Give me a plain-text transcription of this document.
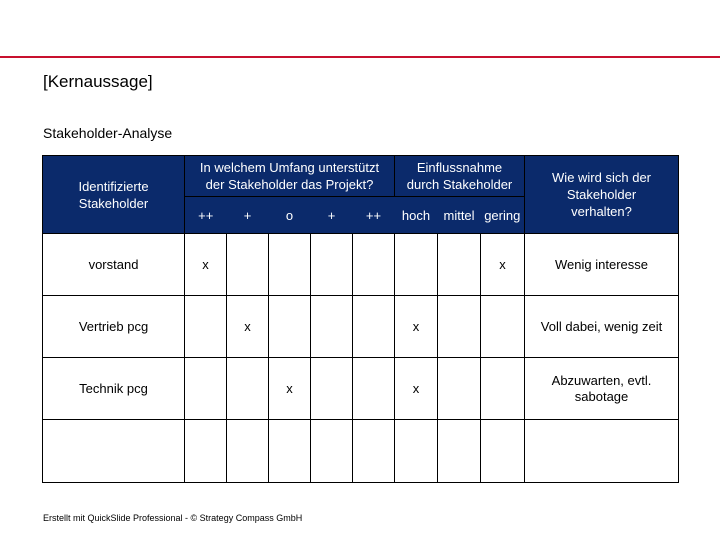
[Kernaussage]
Stakeholder-Analyse
Identifizierte Stakeholder	In welchem Umfang unterstützt der Stakeholder das Projekt?					Einflussnahme durch Stakeholder			Wie wird sich der Stakeholder verhalten?
	++	+	o	+	++	hoch	mittel	gering	
vorstand	x							x	Wenig interesse
Vertrieb pcg		x				x			Voll dabei, wenig zeit
Technik pcg			x			x			Abzuwarten, evtl. sabotage

Erstellt mit QuickSlide Professional - © Strategy Compass GmbH
